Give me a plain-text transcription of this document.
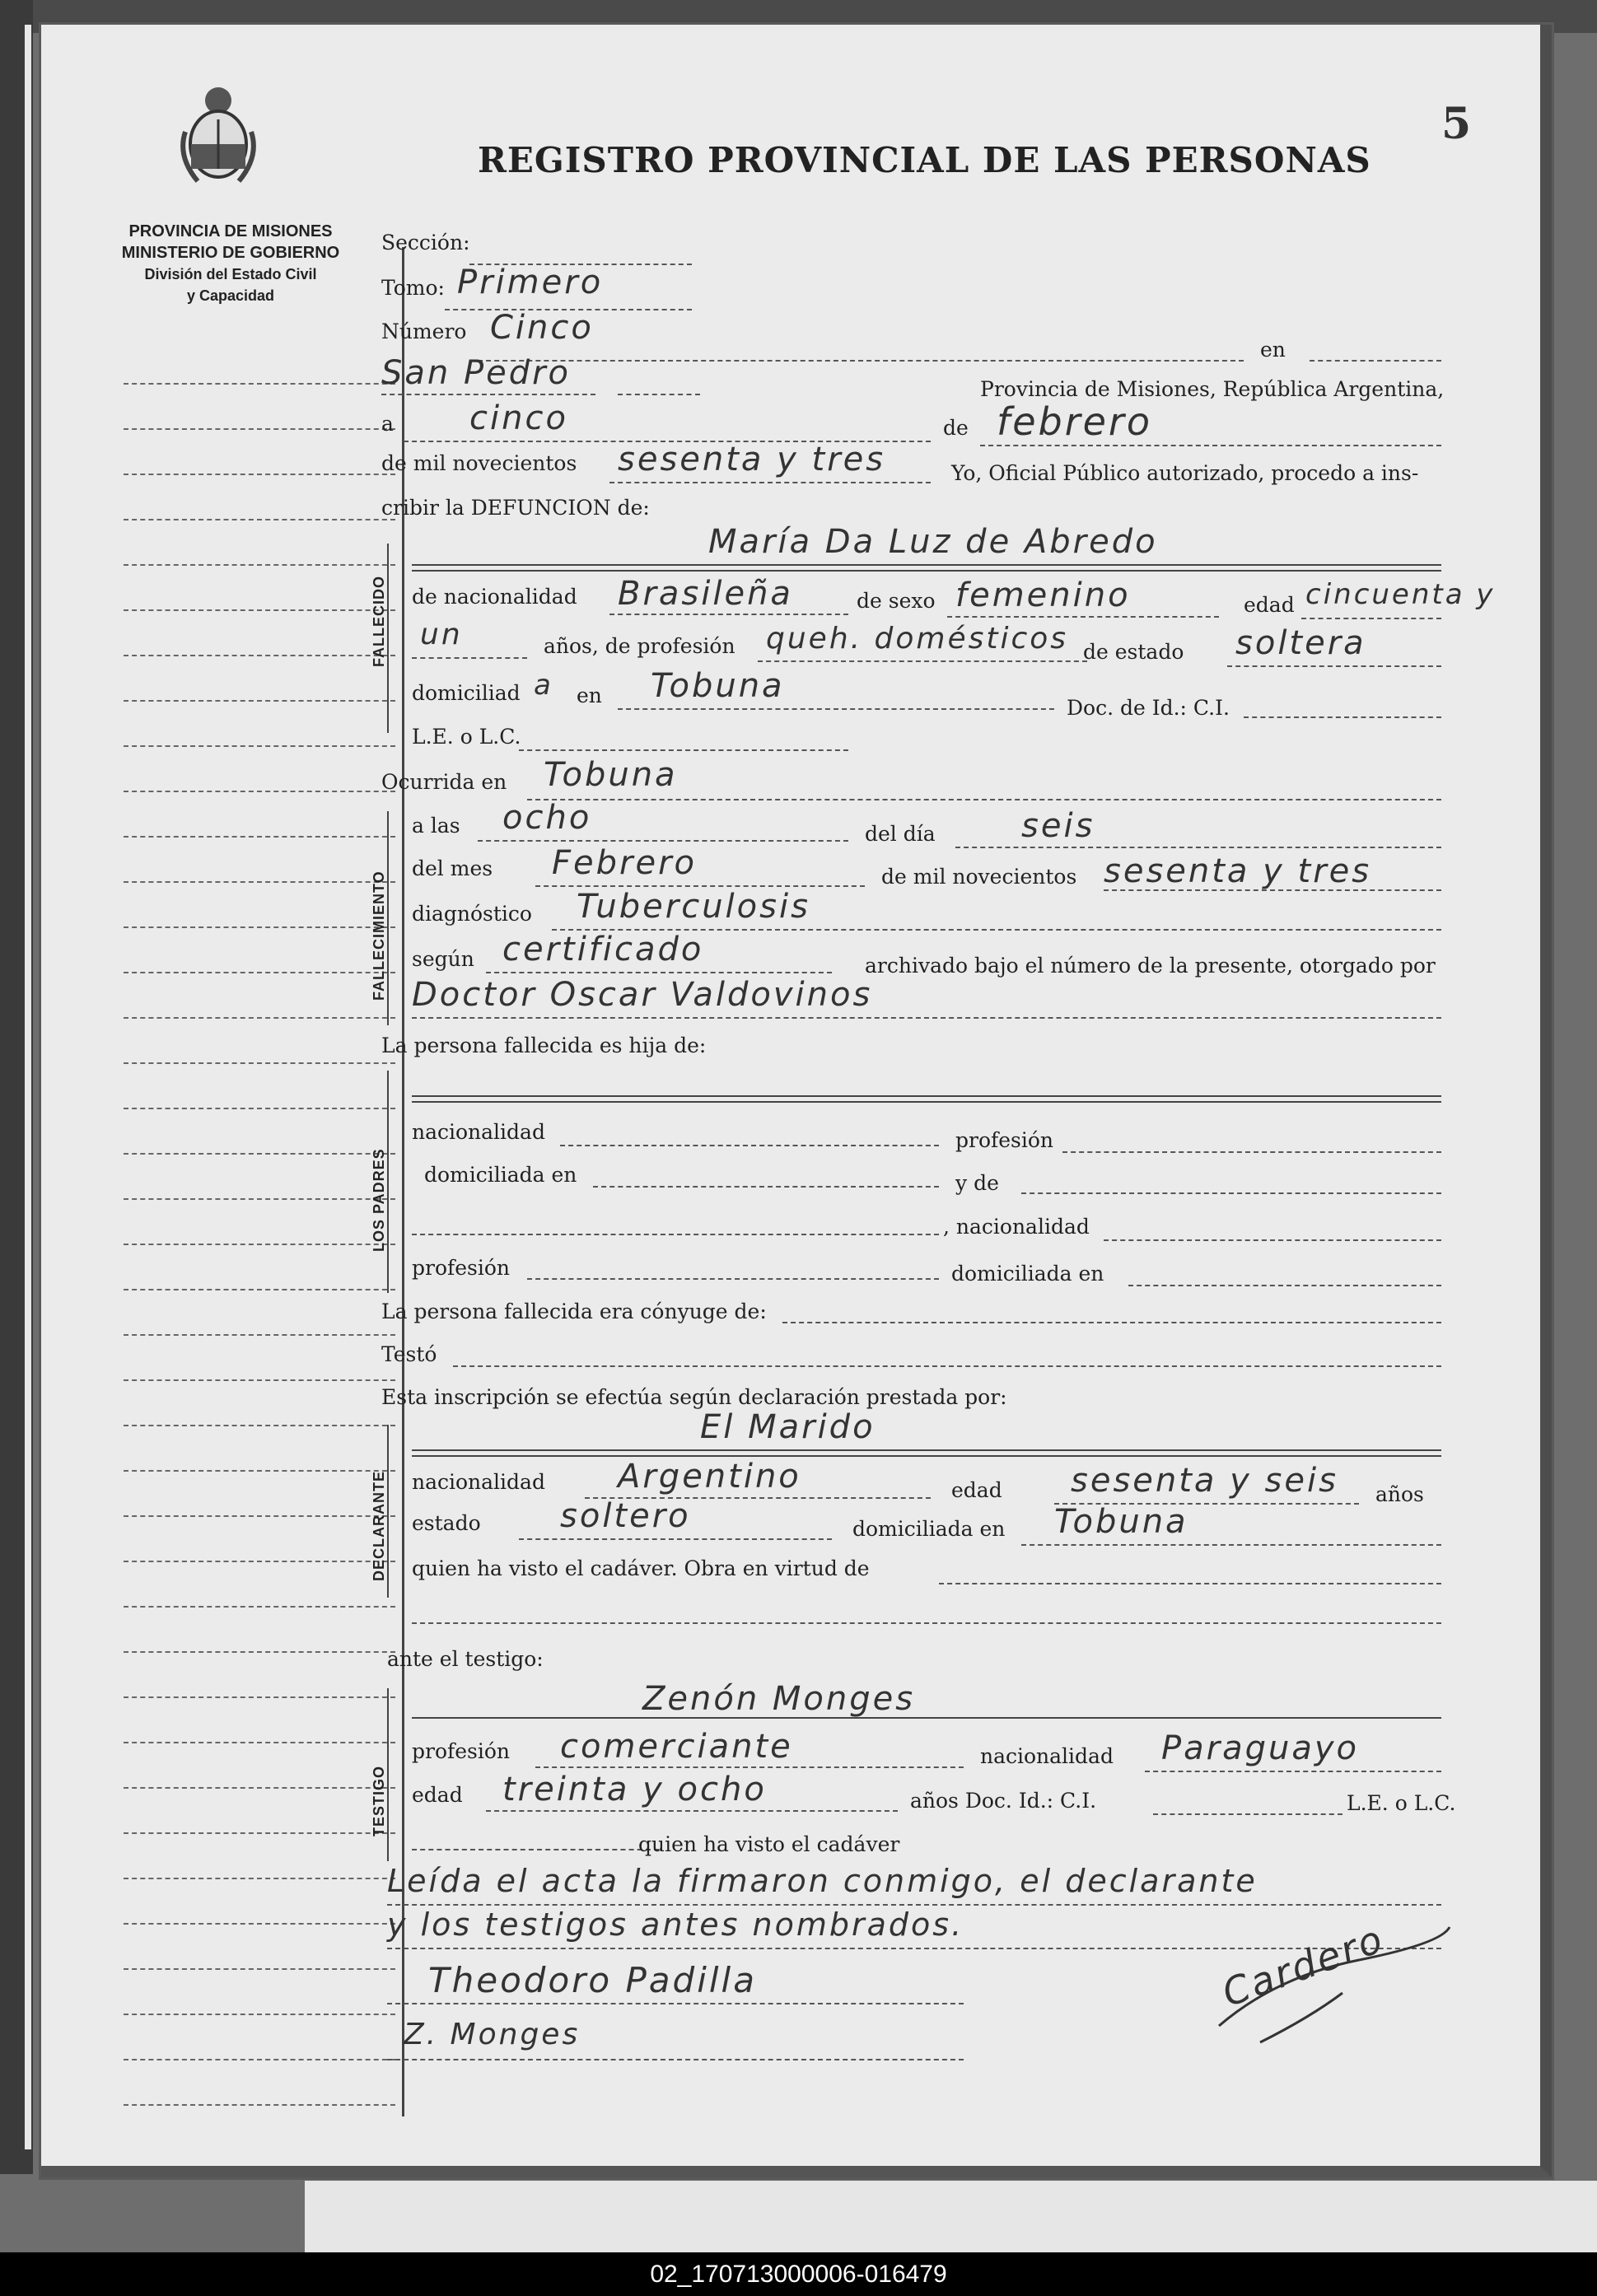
5
REGISTRO PROVINCIAL DE LAS PERSONAS
PROVINCIA DE MISIONES
MINISTERIO DE GOBIERNO
División del Estado Civil
y Capacidad
Sección:
Tomo: Primero
Número Cinco
en
San Pedro	Provincia de Misiones, República Argentina,
a cinco	de febrero
de mil novecientos sesenta y tres	Yo, Oficial Público autorizado, procedo a ins-
cribir la DEFUNCION de:
FALLECIDO
María Da Luz de Abredo
de nacionalidad Brasileña	de sexo femenino	edad cincuenta y
un	años, de profesión queh. domésticos de estado soltera
domiciliad a en Tobuna
Doc. de Id.: C.I.
L.E. o L.C.
Ocurrida en Tobuna
FALLECIMIENTO
a las ocho	del día	seis
del mes Febrero	de mil novecientos sesenta y tres
diagnóstico Tuberculosis
según certificado	archivado bajo el número de la presente, otorgado por
Doctor Oscar Valdovinos
La persona fallecida es hija de:
LOS PADRES
nacionalidad	profesión
domiciliada en	y de
, nacionalidad
profesión	domiciliada en
La persona fallecida era cónyuge de:
Testó
Esta inscripción se efectúa según declaración prestada por:
DECLARANTE
El Marido
nacionalidad Argentino	edad sesenta y seis años
estado soltero	domiciliada en Tobuna
quien ha visto el cadáver. Obra en virtud de
ante el testigo:
TESTIGO
Zenón Monges
profesión comerciante	nacionalidad Paraguayo
edad treinta y ocho	años Doc. Id.: C.I.	L.E. o L.C.
quien ha visto el cadáver
Leída el acta la firmaron conmigo, el declarante
y los testigos antes nombrados.
Theodoro Padilla
Z. Monges
Cardero
02_170713000006-016479
